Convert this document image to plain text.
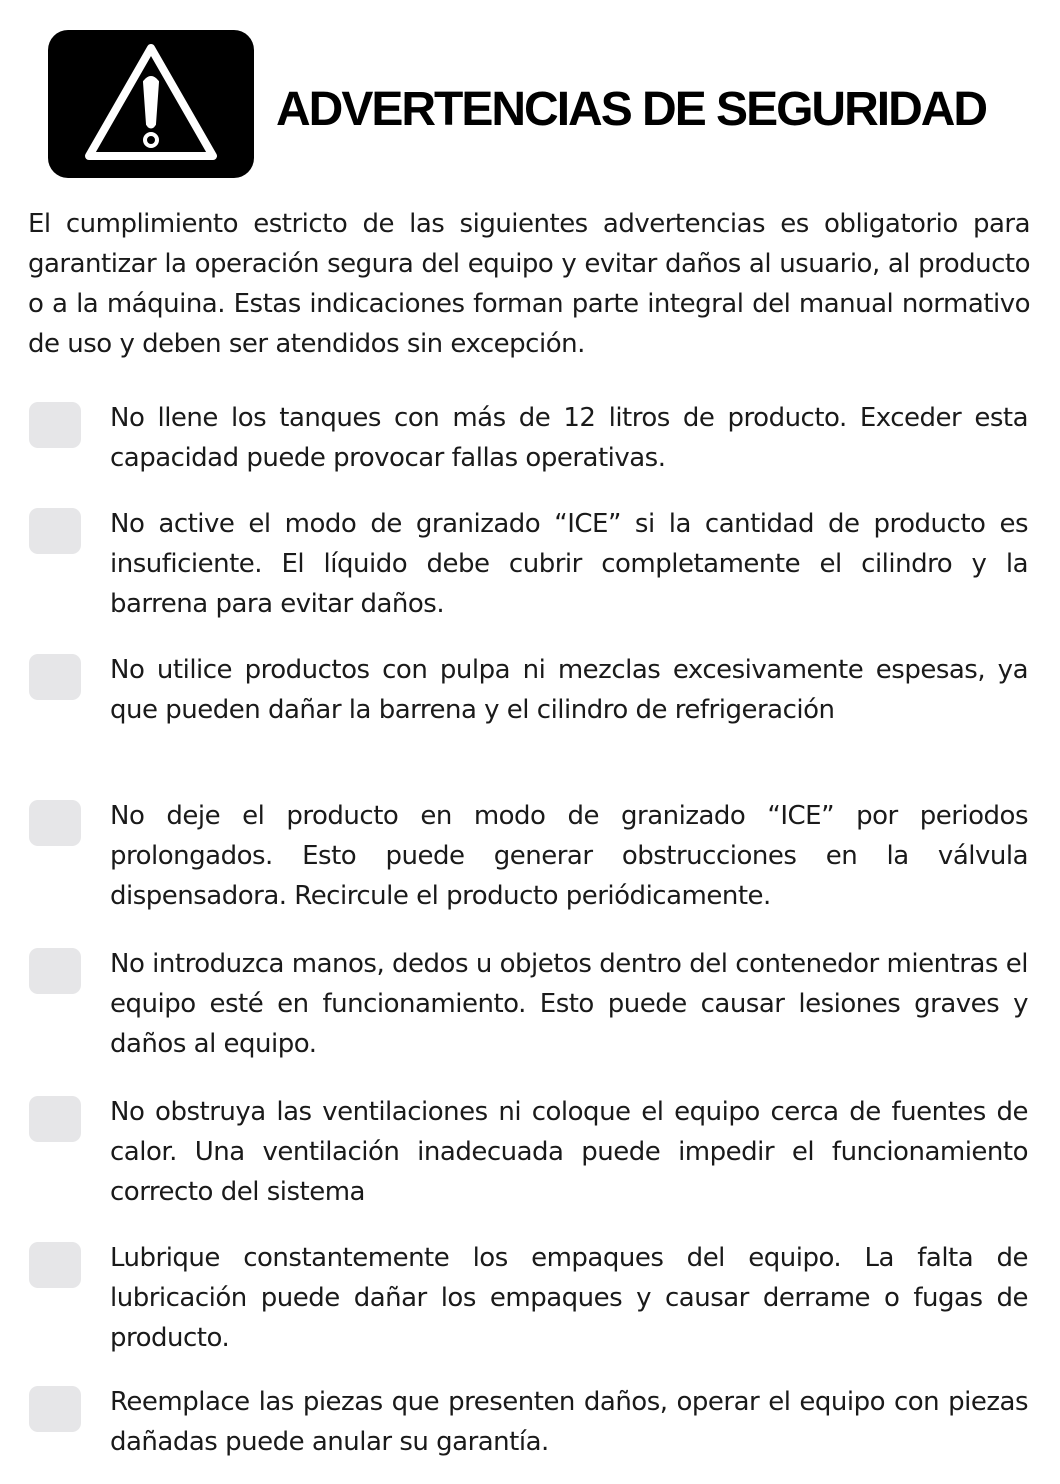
ADVERTENCIAS DE SEGURIDAD

El cumplimiento estricto de las siguientes advertencias es obligatorio para garantizar la operación segura del equipo y evitar daños al usuario, al producto o a la máquina. Estas indicaciones forman parte integral del manual normativo de uso y deben ser atendidos sin excepción.

No llene los tanques con más de 12 litros de producto. Exceder esta capacidad puede provocar fallas operativas.

No active el modo de granizado “ICE” si la cantidad de producto es insuficiente. El líquido debe cubrir completamente el cilindro y la barrena para evitar daños.

No utilice productos con pulpa ni mezclas excesivamente espesas, ya que pueden dañar la barrena y el cilindro de refrigeración

No deje el producto en modo de granizado “ICE” por periodos prolongados. Esto puede generar obstrucciones en la válvula dispensadora. Recircule el producto periódicamente.

No introduzca manos, dedos u objetos dentro del contenedor mientras el equipo esté en funcionamiento. Esto puede causar lesiones graves y daños al equipo.

No obstruya las ventilaciones ni coloque el equipo cerca de fuentes de calor. Una ventilación inadecuada puede impedir el funcionamiento correcto del sistema

Lubrique constantemente los empaques del equipo. La falta de lubricación puede dañar los empaques y causar derrame o fugas de producto.

Reemplace las piezas que presenten daños, operar el equipo con piezas dañadas puede anular su garantía.
